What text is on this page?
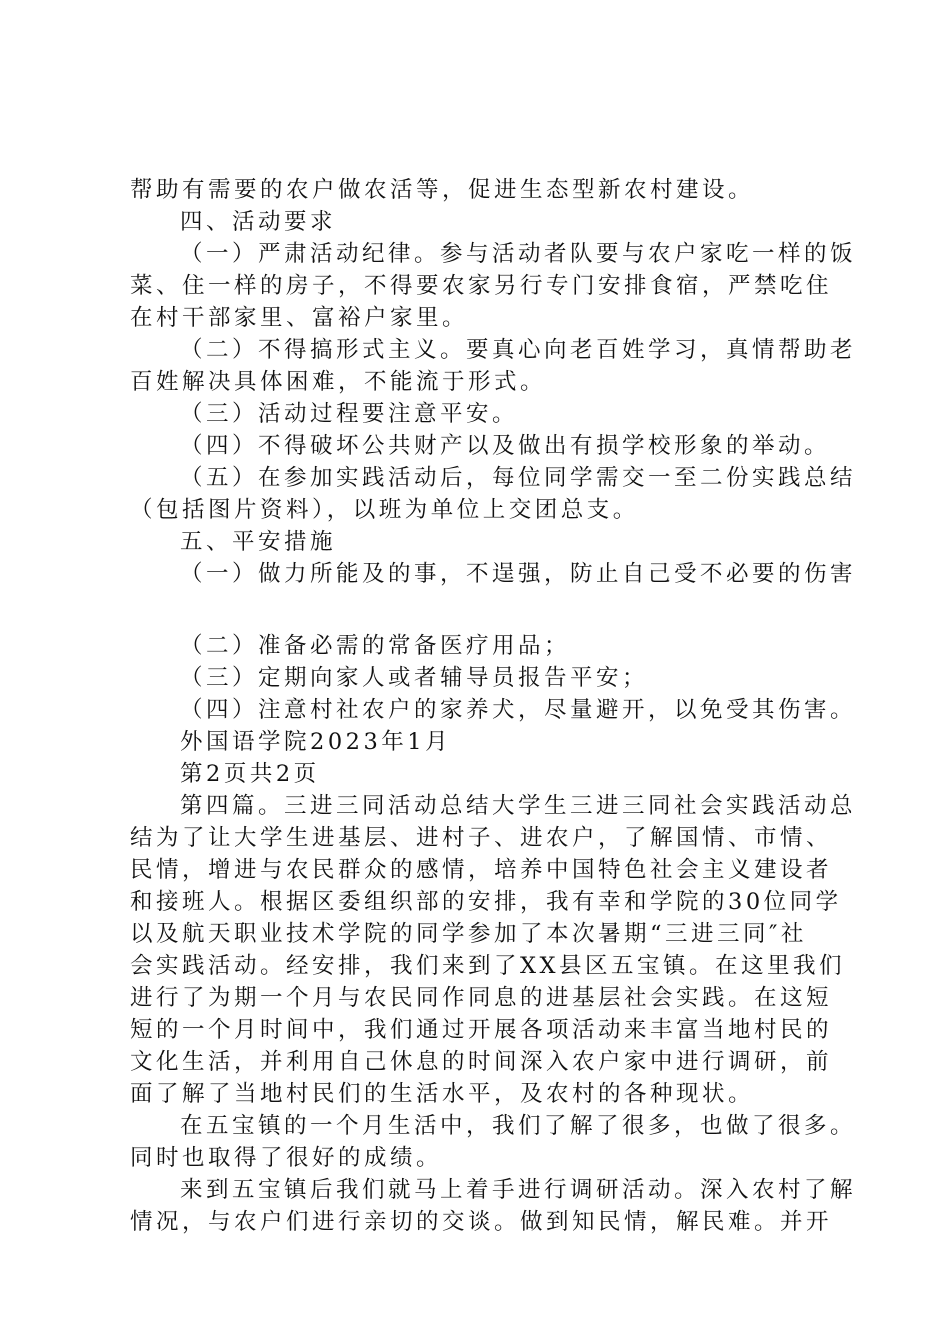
帮助有需要的农户做农活等，促进生态型新农村建设。
四、活动要求
（一）严肃活动纪律。参与活动者队要与农户家吃一样的饭
菜、住一样的房子，不得要农家另行专门安排食宿，严禁吃住
在村干部家里、富裕户家里。
（二）不得搞形式主义。要真心向老百姓学习，真情帮助老
百姓解决具体困难，不能流于形式。
（三）活动过程要注意平安。
（四）不得破坏公共财产以及做出有损学校形象的举动。
（五）在参加实践活动后，每位同学需交一至二份实践总结
（包括图片资料），以班为单位上交团总支。
五、平安措施
（一）做力所能及的事，不逞强，防止自己受不必要的伤害
（二）准备必需的常备医疗用品；
（三）定期向家人或者辅导员报告平安；
（四）注意村社农户的家养犬，尽量避开，以免受其伤害。
外国语学院2023年1月
第2页共2页
第四篇。三进三同活动总结大学生三进三同社会实践活动总
结为了让大学生进基层、进村子、进农户，了解国情、市情、
民情，增进与农民群众的感情，培养中国特色社会主义建设者
和接班人。根据区委组织部的安排，我有幸和学院的30位同学
以及航天职业技术学院的同学参加了本次暑期“三进三同″社
会实践活动。经安排，我们来到了XX县区五宝镇。在这里我们
进行了为期一个月与农民同作同息的进基层社会实践。在这短
短的一个月时间中，我们通过开展各项活动来丰富当地村民的
文化生活，并利用自己休息的时间深入农户家中进行调研，前
面了解了当地村民们的生活水平，及农村的各种现状。
在五宝镇的一个月生活中，我们了解了很多，也做了很多。
同时也取得了很好的成绩。
来到五宝镇后我们就马上着手进行调研活动。深入农村了解
情况，与农户们进行亲切的交谈。做到知民情，解民难。并开
